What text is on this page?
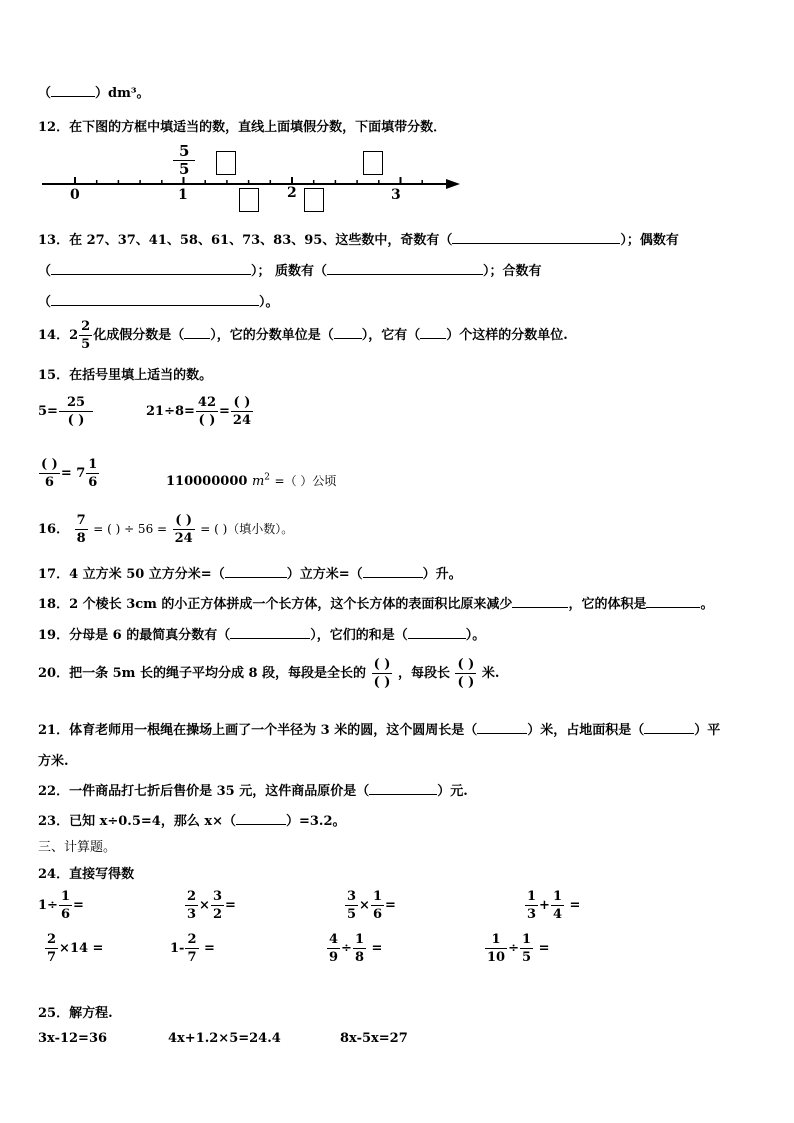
（	）dm³。
12．在下图的方框中填适当的数，直线上面填假分数，下面填带分数．
$\frac{5}{5}$
0	1	2	3
13．在 27、37、41、58、61、73、83、95、这些数中，奇数有（	）；偶数有
（	）； 质数有（	）；合数有
（	）。
14．$2 \frac{2}{5}$ 化成假分数是（ ），它的分数单位是（ ），它有（ ）个这样的分数单位.
15．在括号里填上适当的数。
$5= \frac{25}{( )}$	$21\div 8= \frac{42}{( )} = \frac{( )}{24}$
$\frac{( )}{6} = 7 \frac{1}{6}$	110000000 $m^2$ =（ ）公顷
16． $\frac{7}{8}$ = ( ) ÷ $56 = \frac{( )}{24}$ = ( )（填小数）。
17．4 立方米 50 立方分米=（	）立方米=（	）升。
18．2 个棱长 3cm 的小正方体拼成一个长方体，这个长方体的表面积比原来减少	，它的体积是	。
19．分母是 6 的最简真分数有（	），它们的和是（	）。
20．把一条 5m 长的绳子平均分成 8 段，每段是全长的 $\frac{( )}{( )}$ ，每段长 $\frac{( )}{( )}$ 米.
21．体育老师用一根绳在操场上画了一个半径为 3 米的圆，这个圆周长是（	）米，占地面积是（	）平
方米.
22．一件商品打七折后售价是 35 元，这件商品原价是（	）元.
23．已知 x÷0.5=4，那么 x×（	）=3.2。
三、计算题。
24．直接写得数
$1\div \frac{1}{6}$ =	$\frac{2}{3} \times \frac{3}{2}$ =	$\frac{3}{5} \times \frac{1}{6}$ =	$\frac{1}{3} + \frac{1}{4}$ =
$\frac{2}{7} \times 14$ =	$1- \frac{2}{7}$ =	$\frac{4}{9} \div \frac{1}{8}$ =	$\frac{1}{10} \div \frac{1}{5}$ =
25．解方程.
3x-12=36	4x+1.2×5=24.4	8x-5x=27
